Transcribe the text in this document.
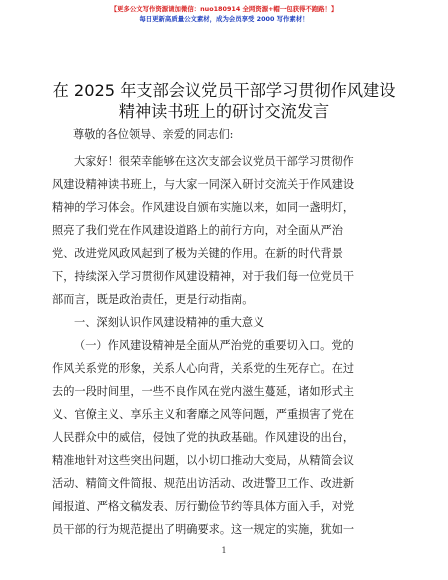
【更多公文写作资源请加微信：nuo180914 全网资源+帽一包获得不跑路！】
每日更新高质量公文素材，成为会员享受 2000 写作素材！
在 2025 年支部会议党员干部学习贯彻作风建设
精神读书班上的研讨交流发言
尊敬的各位领导、亲爱的同志们:
大家好！很荣幸能够在这次支部会议党员干部学习贯彻作
风建设精神读书班上，与大家一同深入研讨交流关于作风建设
精神的学习体会。作风建设自颁布实施以来，如同一盏明灯，
照亮了我们党在作风建设道路上的前行方向，对全面从严治
党、改进党风政风起到了极为关键的作用。在新的时代背景
下，持续深入学习贯彻作风建设精神，对于我们每一位党员干
部而言，既是政治责任，更是行动指南。
一、深刻认识作风建设精神的重大意义
（一）作风建设精神是全面从严治党的重要切入口。党的
作风关系党的形象，关系人心向背，关系党的生死存亡。在过
去的一段时间里，一些不良作风在党内滋生蔓延，诸如形式主
义、官僚主义、享乐主义和奢靡之风等问题，严重损害了党在
人民群众中的威信，侵蚀了党的执政基础。作风建设的出台，
精准地针对这些突出问题，以小切口推动大变局，从精简会议
活动、精简文件简报、规范出访活动、改进警卫工作、改进新
闻报道、严格文稿发表、厉行勤俭节约等具体方面入手，对党
员干部的行为规范提出了明确要求。这一规定的实施，犹如一
1
